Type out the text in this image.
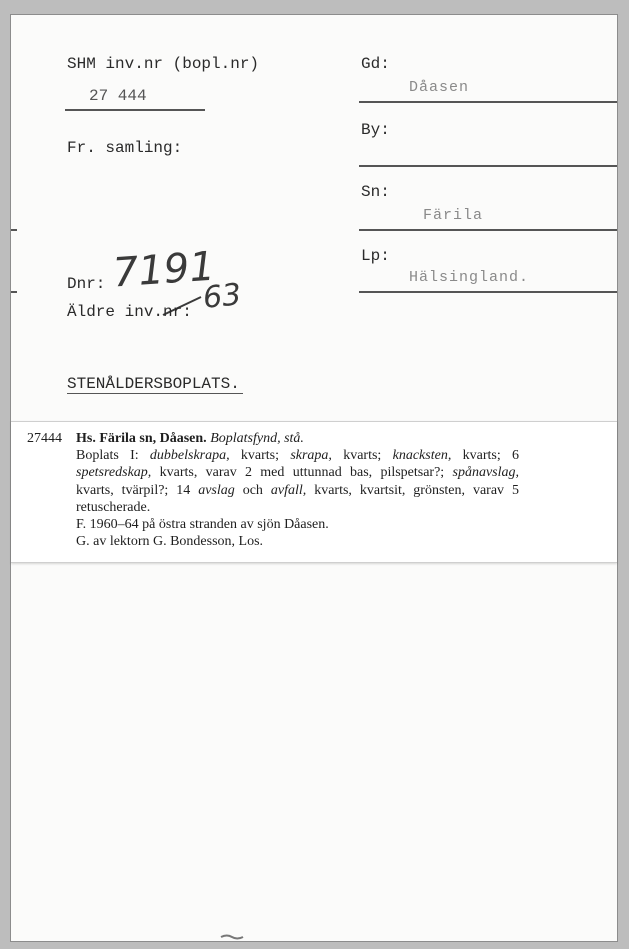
SHM inv.nr (bopl.nr)
27 444
Fr. samling:
Dnr: 7191
63
Äldre inv.nr:
STENÅLDERSBOPLATS.
Gd:
Dåasen
By:
Sn:
Färila
Lp:
Hälsingland.
27444 Hs. Färila sn, Dåasen. Boplatsfynd, stå.
Boplats I: dubbelskrapa, kvarts; skrapa, kvarts; knacksten, kvarts; 6
spetsredskap, kvarts, varav 2 med uttunnad bas, pilspetsar?; spånavslag,
kvarts, tvärpil?; 14 avslag och avfall, kvarts, kvartsit, grönsten, varav 5
retuscherade.
F. 1960–64 på östra stranden av sjön Dåasen.
G. av lektorn G. Bondesson, Los.
